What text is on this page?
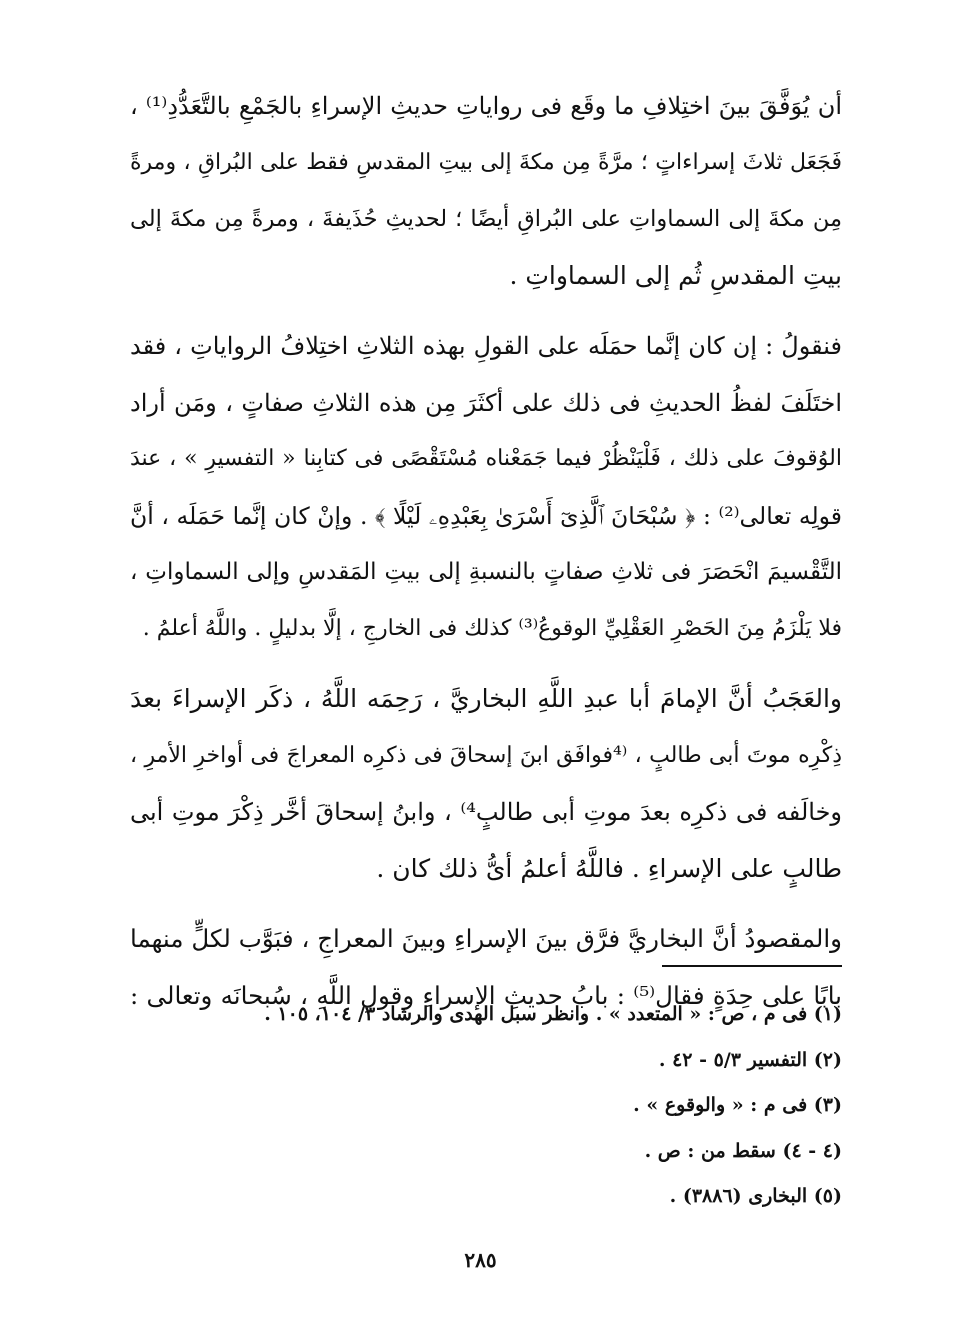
أن يُوَفَّقَ بينَ اختِلافِ ما وقَع فى رواياتِ حديثِ الإسراءِ بالجَمْعِ بالتَّعَدُّدِ⁽¹⁾ ،
فَجَعَل ثلاثَ إسراءاتٍ ؛ مرَّةً مِن مكةَ إلى بيتِ المقدسِ فقط على البُراقِ ، ومرةً
مِن مكةَ إلى السماواتِ على البُراقِ أيضًا ؛ لحديثِ حُذَيفةَ ، ومرةً مِن مكةَ إلى
بيتِ المقدسِ ثُم إلى السماواتِ .

فنقولُ : إن كان إنَّما حمَلَه على القولِ بهذه الثلاثِ اختِلافُ الرواياتِ ، فقد
اختَلَفَ لفظُ الحديثِ فى ذلك على أكثَرَ مِن هذه الثلاثِ صفاتٍ ، ومَن أراد
الوُقوفَ على ذلك ، فَلْيَنْظُرْ فيما جَمَعْناه مُسْتَقْصًى فى كتابِنا « التفسيرِ » ، عندَ
قولِه تعالى⁽²⁾ : ﴿ سُبْحَانَ ٱلَّذِىٓ أَسْرَىٰ بِعَبْدِهِۦ لَيْلًا ﴾ . وإنْ كان إنَّما حَمَلَه ، أنَّ
التَّقْسيمَ انْحَصَرَ فى ثلاثِ صفاتٍ بالنسبةِ إلى بيتِ المَقدسِ وإلى السماواتِ ،
فلا يَلْزَمُ مِنَ الحَصْرِ العَقْلِيِّ الوقوعُ⁽³⁾ كذلك فى الخارجِ ، إلَّا بدليلٍ . واللَّهُ أعلمُ .

والعَجَبُ أنَّ الإمامَ أبا عبدِ اللَّهِ البخاريَّ ، رَحِمَه اللَّهُ ، ذكَر الإسراءَ بعدَ
ذِكْرِه موتَ أبى طالبٍ ، ⁽⁴فوافَق ابنَ إسحاقَ فى ذكرِه المعراجَ فى أواخرِ الأمرِ ،
وخالَفه فى ذكرِه بعدَ موتِ أبى طالبٍ⁴⁾ ، وابنُ إسحاقَ أخَّر ذِكْرَ موتِ أبى
طالبٍ على الإسراءِ . فاللَّهُ أعلمُ أىُّ ذلك كان .

والمقصودُ أنَّ البخاريَّ فرَّق بينَ الإسراءِ وبينَ المعراجِ ، فبَوَّب لكلٍّ منهما
بابًا على حِدَةٍ فقال⁽⁵⁾ : بابُ حديثِ الإسراءِ وقولِ اللَّهِ ، سُبحانَه وتعالى :

(١) فى م ، ص : « المتعدد » . وانظر سبل الهدى والرشاد ٣/ ١٠٤، ١٠٥ .
(٢) التفسير ٥/٣ - ٤٢ .
(٣) فى م : « والوقوع » .
(٤ - ٤) سقط من : ص .
(٥) البخارى (٣٨٨٦) .
٢٨٥
